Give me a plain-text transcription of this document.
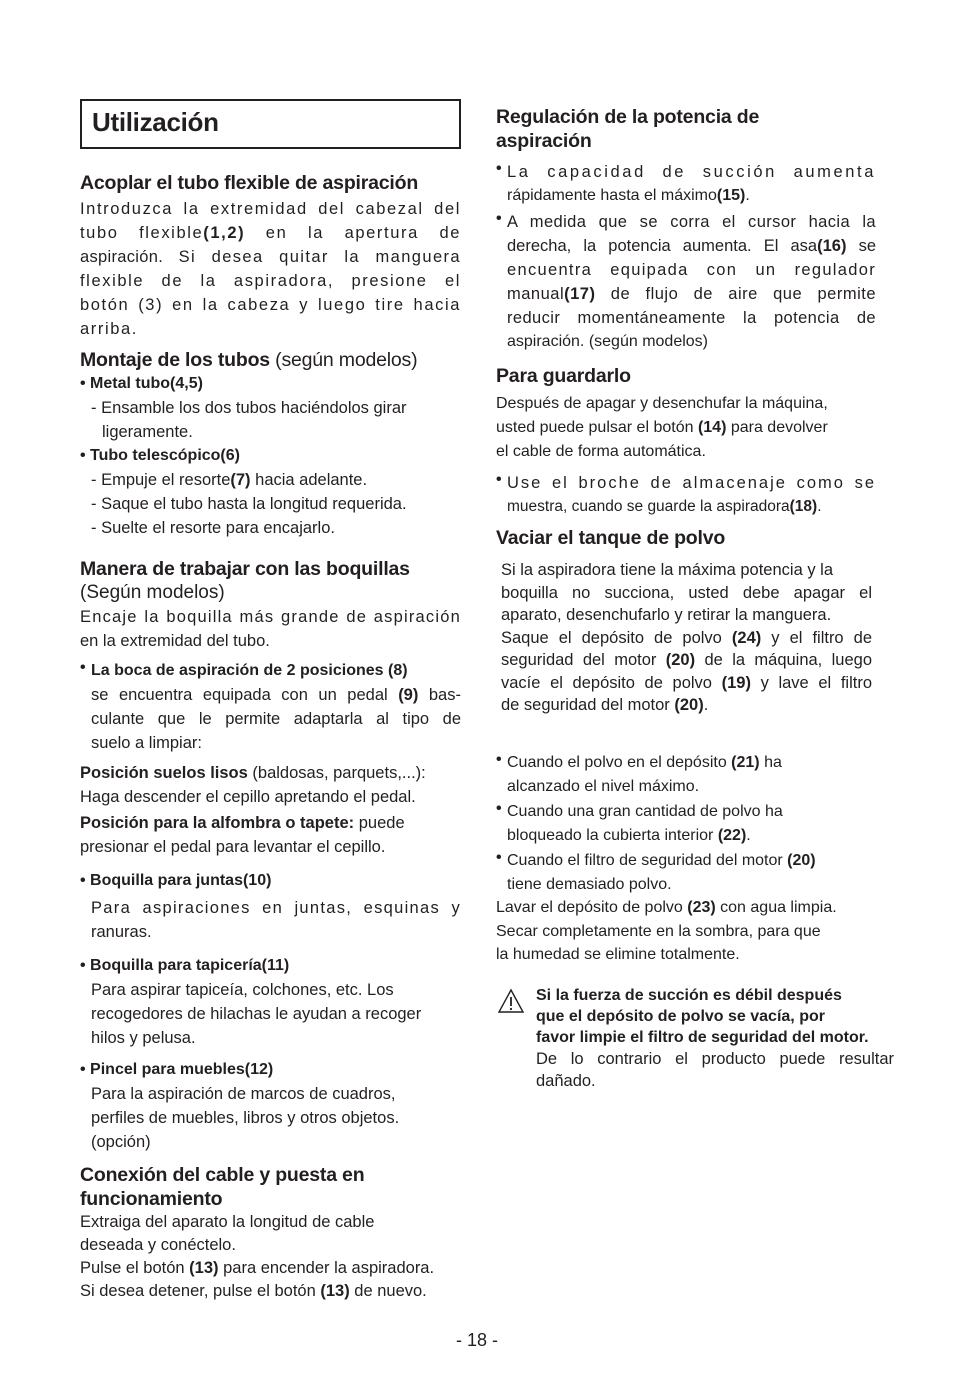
Utilización
Acoplar el tubo flexible de aspiración

Introduzca la extremidad del cabezal del

tubo flexible(1,2) en la apertura de

aspiración. Si desea quitar la manguera

flexible de la aspiradora, presione el

botón (3) en la cabeza y luego tire hacia

arriba.

Montaje de los tubos (según modelos)

• Metal tubo(4,5)

- Ensamble los dos tubos haciéndolos girar

ligeramente.

• Tubo telescópico(6)

- Empuje el resorte(7) hacia adelante.

- Saque el tubo hasta la longitud requerida.

- Suelte el resorte para encajarlo.

Manera de trabajar con las boquillas

(Según modelos)

Encaje la boquilla más grande de aspiración

en la extremidad del tubo.

• La boca de aspiración de 2 posiciones (8)

se encuentra equipada con un pedal (9) bas-

culante que le permite adaptarla al tipo de

suelo a limpiar:

Posición suelos lisos (baldosas, parquets,...):

Haga descender el cepillo apretando el pedal.

Posición para la alfombra o tapete: puede

presionar el pedal para levantar el cepillo.

• Boquilla para juntas(10)

Para aspiraciones en juntas, esquinas y

ranuras.

• Boquilla para tapicería(11)

Para aspirar tapiceía, colchones, etc. Los

recogedores de hilachas le ayudan a recoger

hilos y pelusa.

• Pincel para muebles(12)

Para la aspiración de marcos de cuadros,

perfiles de muebles, libros y otros objetos.

(opción)

Conexión del cable y puesta en
funcionamiento

Extraiga del aparato la longitud de cable

deseada y conéctelo.

Pulse el botón (13) para encender la aspiradora.

Si desea detener, pulse el botón (13) de nuevo.

Regulación de la potencia de
aspiración
• La capacidad de succión aumenta

rápidamente hasta el máximo(15).

• A medida que se corra el cursor hacia la

derecha, la potencia aumenta. El asa(16) se

encuentra equipada con un regulador

manual(17) de flujo de aire que permite

reducir momentáneamente la potencia de

aspiración. (según modelos)

Para guardarlo

Después de apagar y desenchufar la máquina,

usted puede pulsar el botón (14) para devolver

el cable de forma automática.

• Use el broche de almacenaje como se

muestra, cuando se guarde la aspiradora(18).

Vaciar el tanque de polvo

Si la aspiradora tiene la máxima potencia y la

boquilla no succiona, usted debe apagar el

aparato, desenchufarlo y retirar la manguera.

Saque el depósito de polvo (24) y el filtro de

seguridad del motor (20) de la máquina, luego

vacíe el depósito de polvo (19) y lave el filtro

de seguridad del motor (20).

• Cuando el polvo en el depósito (21) ha

alcanzado el nivel máximo.

• Cuando una gran cantidad de polvo ha

bloqueado la cubierta interior (22).

• Cuando el filtro de seguridad del motor (20)

tiene demasiado polvo.

Lavar el depósito de polvo (23) con agua limpia.

Secar completamente en la sombra, para que

la humedad se elimine totalmente.

Si la fuerza de succión es débil después

que el depósito de polvo se vacía, por

favor limpie el filtro de seguridad del motor.

De lo contrario el producto puede resultar

dañado.

- 18 -
